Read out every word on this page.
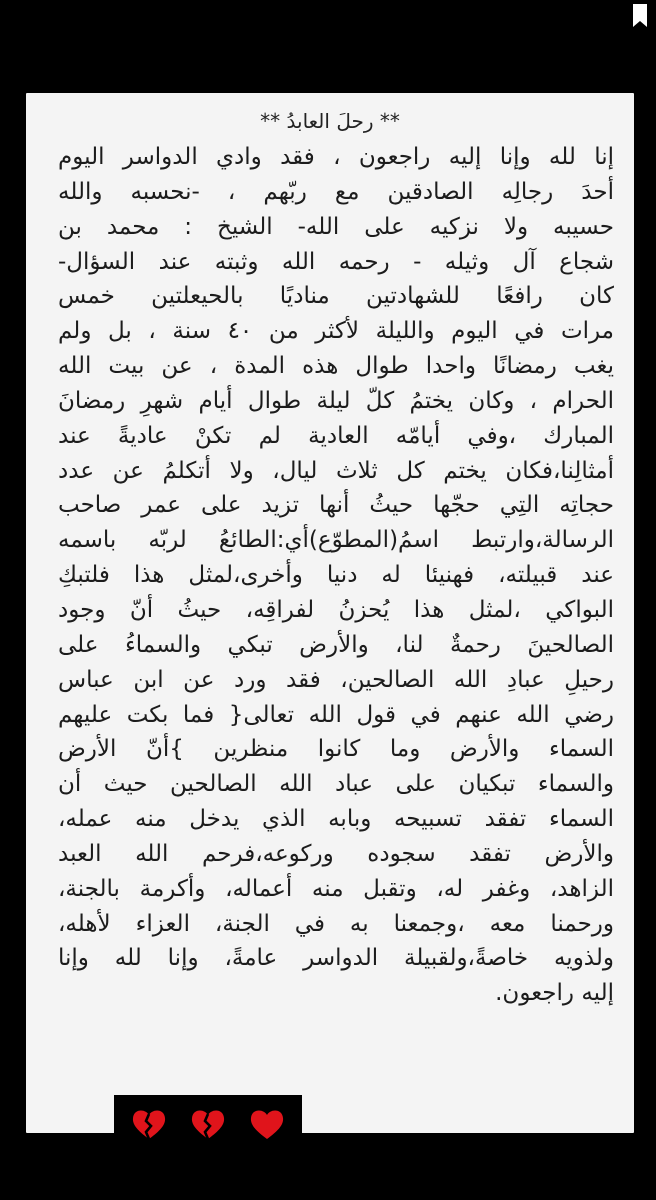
** رحلَ العابدُ **
إنا لله وإنا إليه راجعون ، فقد وادي الدواسر اليوم
أحدَ رجالِه الصادقين مع ربّهم ، -نحسبه والله
حسيبه ولا نزكيه على الله- الشيخ : محمد بن
شجاع آل وثيله - رحمه الله وثبته عند السؤال-
كان رافعًا للشهادتين مناديًا بالحيعلتين خمس
مرات في اليوم والليلة لأكثر من ٤٠ سنة ، بل ولم
يغب رمضانًا واحدا طوال هذه المدة ، عن بيت الله
الحرام ، وكان يختمُ كلّ ليلة طوال أيام شهرِ رمضانَ
المبارك ،وفي أيامّه العادية لم تكنْ عاديةً عند
أمثالِنا،فكان يختم كل ثلاث ليال، ولا أتكلمُ عن عدد
حجاتِه التِي حجّها حيثُ أنها تزيد على عمر صاحب
الرسالة،وارتبط اسمُ(المطوّع)أي:الطائعُ لربّه باسمه
عند قبيلته، فهنيئا له دنيا وأخرى،لمثل هذا فلتبكِ
البواكي ،لمثل هذا يُحزنُ لفراقِه، حيثُ أنّ وجود
الصالحينَ رحمةٌ لنا، والأرض تبكي والسماءُ على
رحيلِ عبادِ الله الصالحين، فقد ورد عن ابن عباس
رضي الله عنهم في قول الله تعالى{ فما بكت عليهم
السماء والأرض وما كانوا منظرين }أنّ الأرض
والسماء تبكيان على عباد الله الصالحين حيث أن
السماء تفقد تسبيحه وبابه الذي يدخل منه عمله،
والأرض تفقد سجوده وركوعه،فرحم الله العبد
الزاهد، وغفر له، وتقبل منه أعماله، وأكرمة بالجنة،
ورحمنا معه ،وجمعنا به في الجنة، العزاء لأهله،
ولذويه خاصةً،ولقبيلة الدواسر عامةً، وإنا لله وإنا
إليه راجعون.
